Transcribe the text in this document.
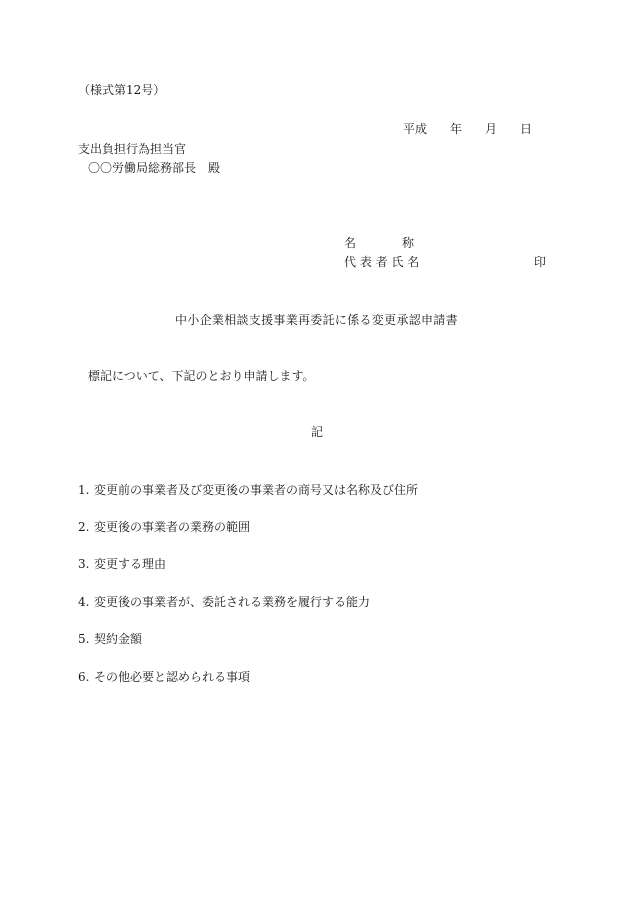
（様式第12号）
平成 年 月 日
支出負担行為担当官
〇〇労働局総務部長　殿
名	称
代 表 者 氏 名	印
中小企業相談支援事業再委託に係る変更承認申請書
標記について、下記のとおり申請します。
記
1. 変更前の事業者及び変更後の事業者の商号又は名称及び住所
2. 変更後の事業者の業務の範囲
3. 変更する理由
4. 変更後の事業者が、委託される業務を履行する能力
5. 契約金額
6. その他必要と認められる事項
